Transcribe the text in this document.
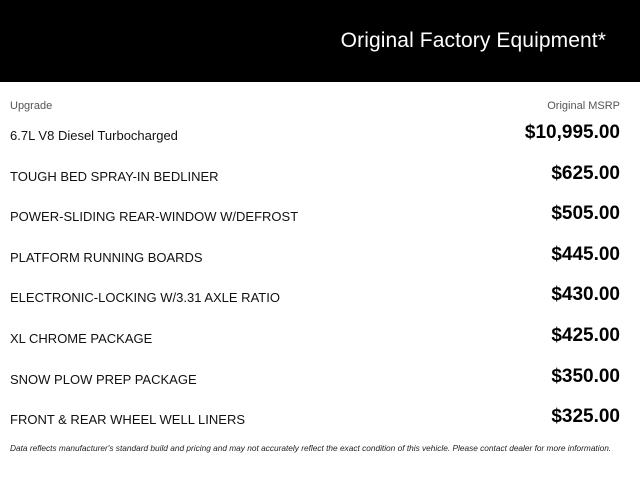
Original Factory Equipment*
Upgrade	Original MSRP
6.7L V8 Diesel Turbocharged	$10,995.00
TOUGH BED SPRAY-IN BEDLINER	$625.00
POWER-SLIDING REAR-WINDOW W/DEFROST	$505.00
PLATFORM RUNNING BOARDS	$445.00
ELECTRONIC-LOCKING W/3.31 AXLE RATIO	$430.00
XL CHROME PACKAGE	$425.00
SNOW PLOW PREP PACKAGE	$350.00
FRONT & REAR WHEEL WELL LINERS	$325.00
Data reflects manufacturer's standard build and pricing and may not accurately reflect the exact condition of this vehicle. Please contact dealer for more information.
